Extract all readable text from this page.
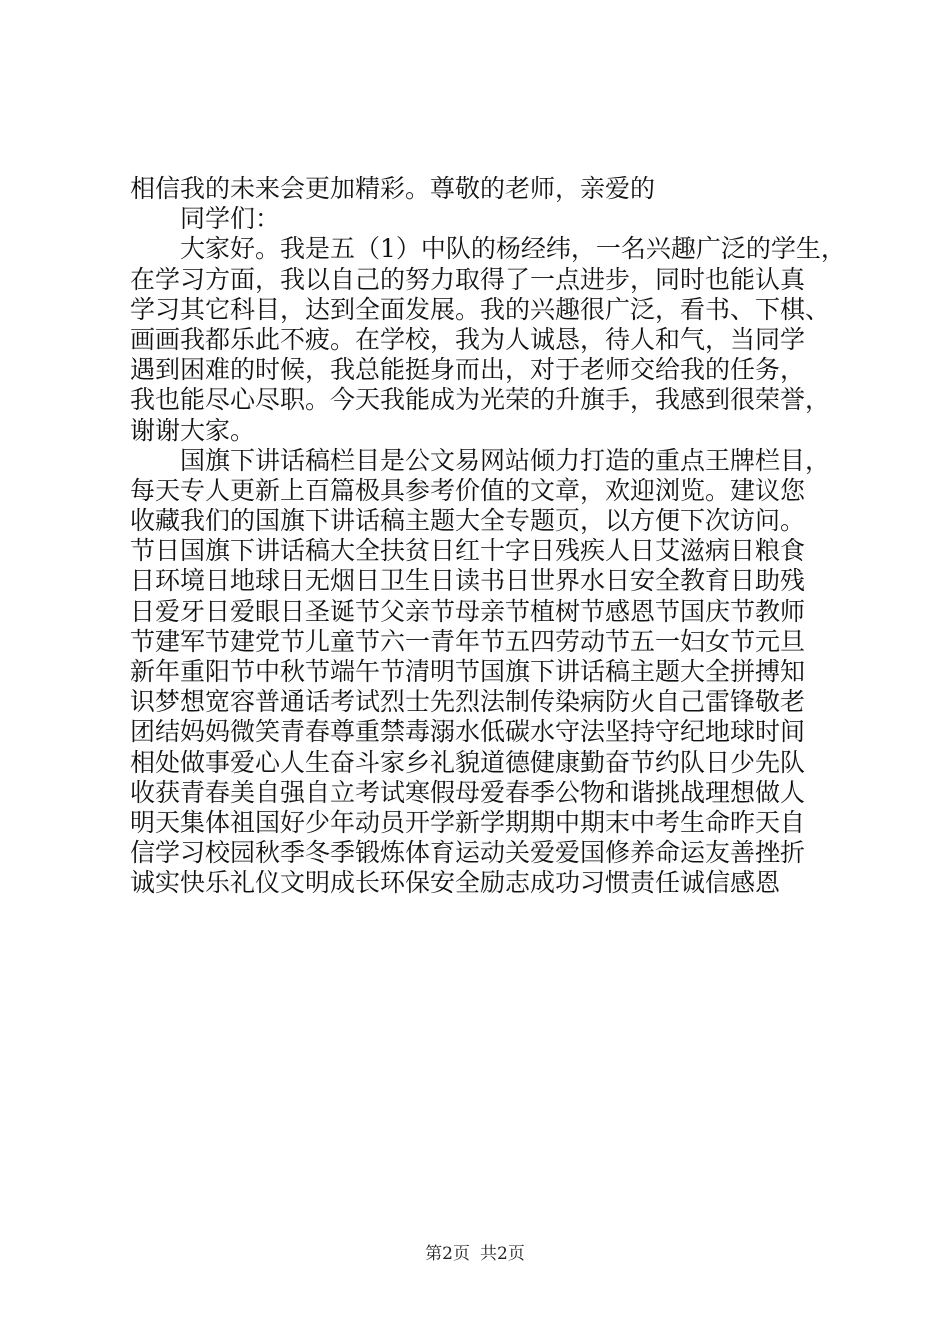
相信我的未来会更加精彩。尊敬的老师，亲爱的
同学们：
大家好。我是五（1）中队的杨经纬，一名兴趣广泛的学生，
在学习方面，我以自己的努力取得了一点进步，同时也能认真
学习其它科目，达到全面发展。我的兴趣很广泛，看书、下棋、
画画我都乐此不疲。在学校，我为人诚恳，待人和气，当同学
遇到困难的时候，我总能挺身而出，对于老师交给我的任务，
我也能尽心尽职。今天我能成为光荣的升旗手，我感到很荣誉，
谢谢大家。
国旗下讲话稿栏目是公文易网站倾力打造的重点王牌栏目，
每天专人更新上百篇极具参考价值的文章，欢迎浏览。建议您
收藏我们的国旗下讲话稿主题大全专题页，以方便下次访问。
节日国旗下讲话稿大全扶贫日红十字日残疾人日艾滋病日粮食
日环境日地球日无烟日卫生日读书日世界水日安全教育日助残
日爱牙日爱眼日圣诞节父亲节母亲节植树节感恩节国庆节教师
节建军节建党节儿童节六一青年节五四劳动节五一妇女节元旦
新年重阳节中秋节端午节清明节国旗下讲话稿主题大全拼搏知
识梦想宽容普通话考试烈士先烈法制传染病防火自己雷锋敬老
团结妈妈微笑青春尊重禁毒溺水低碳水守法坚持守纪地球时间
相处做事爱心人生奋斗家乡礼貌道德健康勤奋节约队日少先队
收获青春美自强自立考试寒假母爱春季公物和谐挑战理想做人
明天集体祖国好少年动员开学新学期期中期末中考生命昨天自
信学习校园秋季冬季锻炼体育运动关爱爱国修养命运友善挫折
诚实快乐礼仪文明成长环保安全励志成功习惯责任诚信感恩
第2页 共2页
